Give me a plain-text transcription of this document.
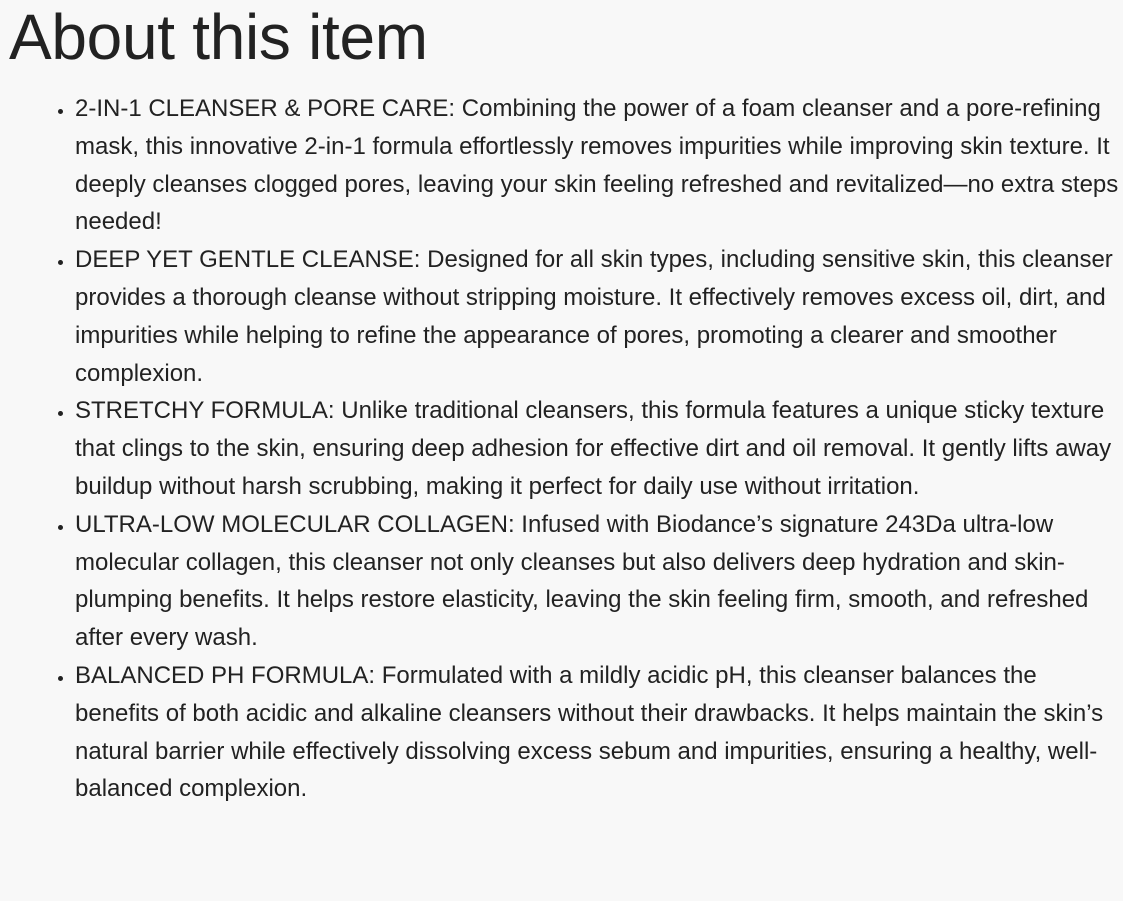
About this item
• 2-IN-1 CLEANSER & PORE CARE: Combining the power of a foam cleanser and a pore-refining mask, this innovative 2-in-1 formula effortlessly removes impurities while improving skin texture. It deeply cleanses clogged pores, leaving your skin feeling refreshed and revitalized—no extra steps needed!
• DEEP YET GENTLE CLEANSE: Designed for all skin types, including sensitive skin, this cleanser provides a thorough cleanse without stripping moisture. It effectively removes excess oil, dirt, and impurities while helping to refine the appearance of pores, promoting a clearer and smoother complexion.
• STRETCHY FORMULA: Unlike traditional cleansers, this formula features a unique sticky texture that clings to the skin, ensuring deep adhesion for effective dirt and oil removal. It gently lifts away buildup without harsh scrubbing, making it perfect for daily use without irritation.
• ULTRA-LOW MOLECULAR COLLAGEN: Infused with Biodance’s signature 243Da ultra-low molecular collagen, this cleanser not only cleanses but also delivers deep hydration and skin-plumping benefits. It helps restore elasticity, leaving the skin feeling firm, smooth, and refreshed after every wash.
• BALANCED PH FORMULA: Formulated with a mildly acidic pH, this cleanser balances the benefits of both acidic and alkaline cleansers without their drawbacks. It helps maintain the skin’s natural barrier while effectively dissolving excess sebum and impurities, ensuring a healthy, well-balanced complexion.
